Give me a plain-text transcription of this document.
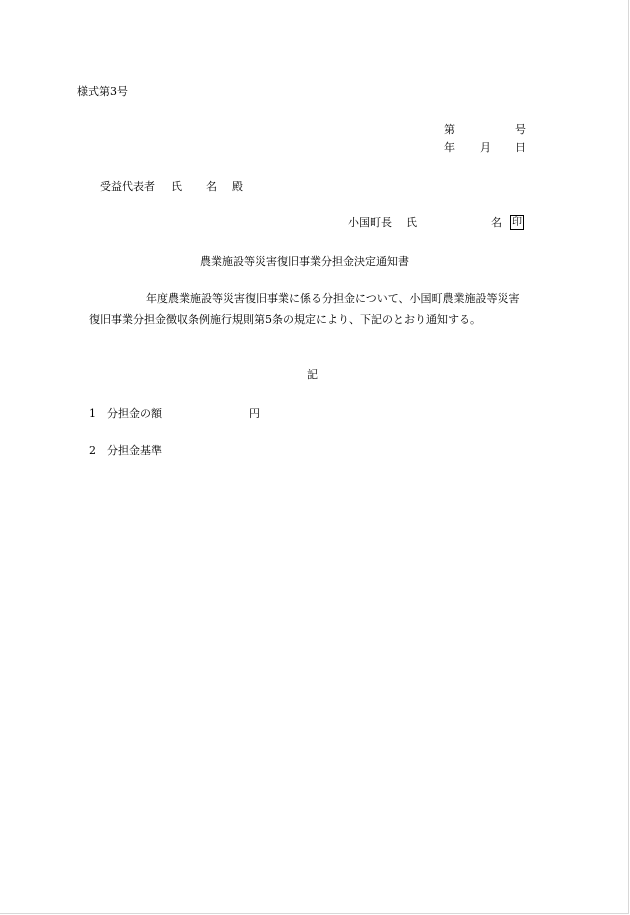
様式第3号
第	号
年 月 日
受益代表者 氏 名 殿
小国町長 氏	名 印
農業施設等災害復旧事業分担金決定通知書
年度農業施設等災害復旧事業に係る分担金について、小国町農業施設等災害
復旧事業分担金徴収条例施行規則第5条の規定により、下記のとおり通知する。
記
1 分担金の額	円
2 分担金基準
